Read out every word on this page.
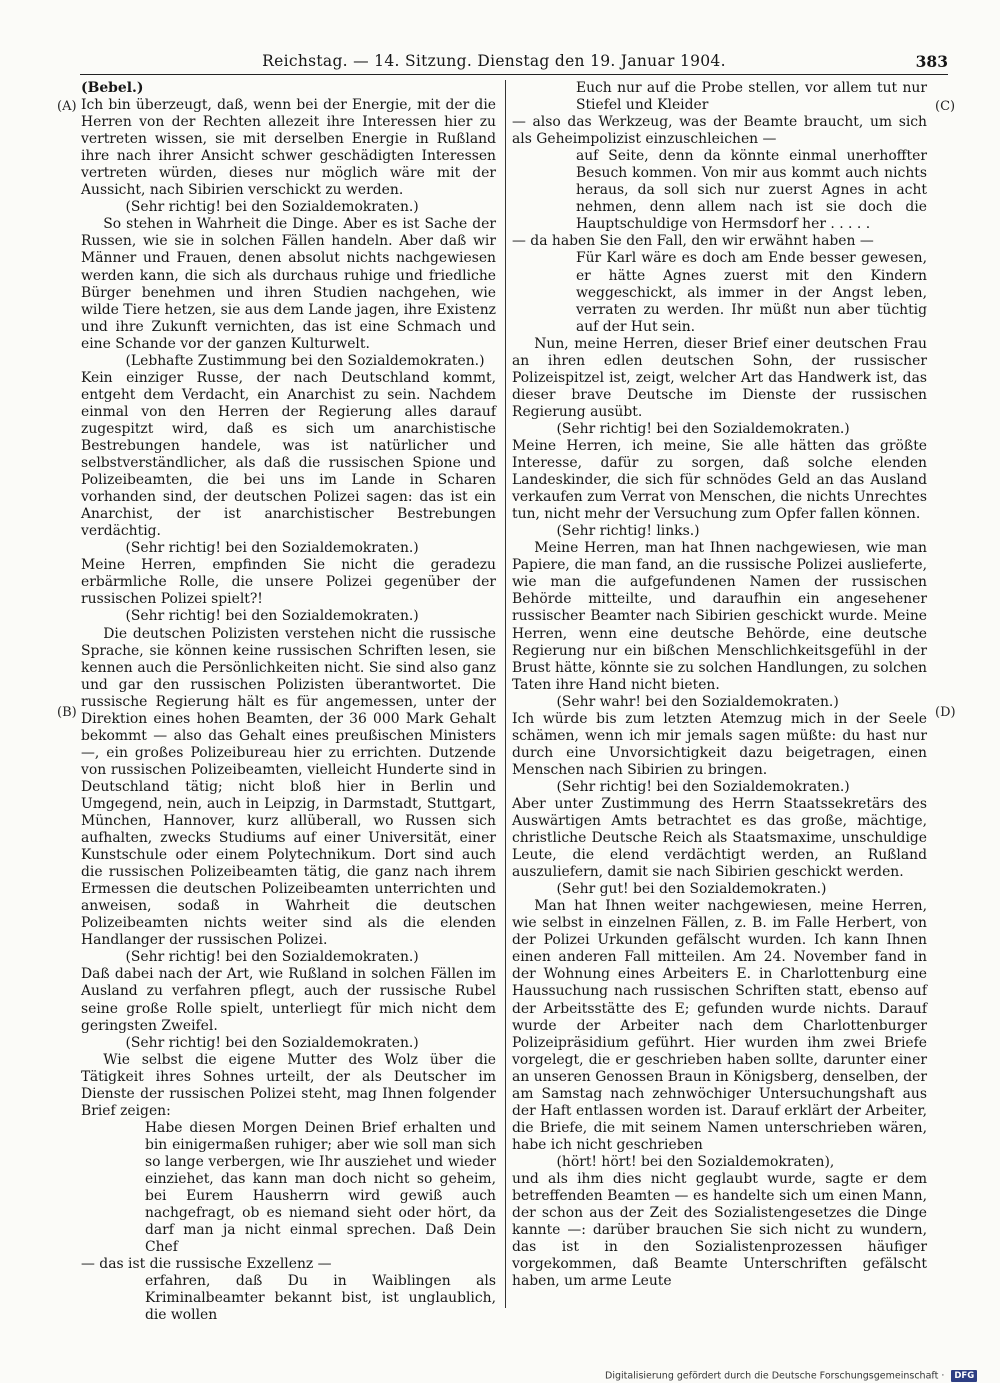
Reichstag. — 14. Sitzung. Dienstag den 19. Januar 1904.	383
(A)
(B)
(C)
(D)

(Bebel.)

Ich bin überzeugt, daß, wenn bei der Energie, mit der die Herren von der Rechten allezeit ihre Interessen hier zu vertreten wissen, sie mit derselben Energie in Rußland ihre nach ihrer Ansicht schwer geschädigten Interessen vertreten würden, dieses nur möglich wäre mit der Aussicht, nach Sibirien verschickt zu werden.

(Sehr richtig! bei den Sozialdemokraten.)

So stehen in Wahrheit die Dinge. Aber es ist Sache der Russen, wie sie in solchen Fällen handeln. Aber daß wir Männer und Frauen, denen absolut nichts nachgewiesen werden kann, die sich als durchaus ruhige und friedliche Bürger benehmen und ihren Studien nachgehen, wie wilde Tiere hetzen, sie aus dem Lande jagen, ihre Existenz und ihre Zukunft vernichten, das ist eine Schmach und eine Schande vor der ganzen Kulturwelt.

(Lebhafte Zustimmung bei den Sozialdemokraten.)

Kein einziger Russe, der nach Deutschland kommt, entgeht dem Verdacht, ein Anarchist zu sein. Nachdem einmal von den Herren der Regierung alles darauf zugespitzt wird, daß es sich um anarchistische Bestrebungen handele, was ist natürlicher und selbstverständlicher, als daß die russischen Spione und Polizeibeamten, die bei uns im Lande in Scharen vorhanden sind, der deutschen Polizei sagen: das ist ein Anarchist, der ist anarchistischer Bestrebungen verdächtig.

(Sehr richtig! bei den Sozialdemokraten.)

Meine Herren, empfinden Sie nicht die geradezu erbärmliche Rolle, die unsere Polizei gegenüber der russischen Polizei spielt?!

(Sehr richtig! bei den Sozialdemokraten.)

Die deutschen Polizisten verstehen nicht die russische Sprache, sie können keine russischen Schriften lesen, sie kennen auch die Persönlichkeiten nicht. Sie sind also ganz und gar den russischen Polizisten überantwortet. Die russische Regierung hält es für angemessen, unter der Direktion eines hohen Beamten, der 36 000 Mark Gehalt bekommt — also das Gehalt eines preußischen Ministers —, ein großes Polizeibureau hier zu errichten. Dutzende von russischen Polizeibeamten, vielleicht Hunderte sind in Deutschland tätig; nicht bloß hier in Berlin und Umgegend, nein, auch in Leipzig, in Darmstadt, Stuttgart, München, Hannover, kurz allüberall, wo Russen sich aufhalten, zwecks Studiums auf einer Universität, einer Kunstschule oder einem Polytechnikum. Dort sind auch die russischen Polizeibeamten tätig, die ganz nach ihrem Ermessen die deutschen Polizeibeamten unterrichten und anweisen, sodaß in Wahrheit die deutschen Polizeibeamten nichts weiter sind als die elenden Handlanger der russischen Polizei.

(Sehr richtig! bei den Sozialdemokraten.)

Daß dabei nach der Art, wie Rußland in solchen Fällen im Ausland zu verfahren pflegt, auch der russische Rubel seine große Rolle spielt, unterliegt für mich nicht dem geringsten Zweifel.

(Sehr richtig! bei den Sozialdemokraten.)

Wie selbst die eigene Mutter des Wolz über die Tätigkeit ihres Sohnes urteilt, der als Deutscher im Dienste der russischen Polizei steht, mag Ihnen folgender Brief zeigen:

Habe diesen Morgen Deinen Brief erhalten und bin einigermaßen ruhiger; aber wie soll man sich so lange verbergen, wie Ihr ausziehet und wieder einziehet, das kann man doch nicht so geheim, bei Eurem Hausherrn wird gewiß auch nachgefragt, ob es niemand sieht oder hört, da darf man ja nicht einmal sprechen. Daß Dein Chef

— das ist die russische Exzellenz —

erfahren, daß Du in Waiblingen als Kriminalbeamter bekannt bist, ist unglaublich, die wollen

Euch nur auf die Probe stellen, vor allem tut nur Stiefel und Kleider

— also das Werkzeug, was der Beamte braucht, um sich als Geheimpolizist einzuschleichen —

auf Seite, denn da könnte einmal unerhoffter Besuch kommen. Von mir aus kommt auch nichts heraus, da soll sich nur zuerst Agnes in acht nehmen, denn allem nach ist sie doch die Hauptschuldige von Hermsdorf her . . . . .

— da haben Sie den Fall, den wir erwähnt haben —

Für Karl wäre es doch am Ende besser gewesen, er hätte Agnes zuerst mit den Kindern weggeschickt, als immer in der Angst leben, verraten zu werden. Ihr müßt nun aber tüchtig auf der Hut sein.

Nun, meine Herren, dieser Brief einer deutschen Frau an ihren edlen deutschen Sohn, der russischer Polizeispitzel ist, zeigt, welcher Art das Handwerk ist, das dieser brave Deutsche im Dienste der russischen Regierung ausübt.

(Sehr richtig! bei den Sozialdemokraten.)

Meine Herren, ich meine, Sie alle hätten das größte Interesse, dafür zu sorgen, daß solche elenden Landeskinder, die sich für schnödes Geld an das Ausland verkaufen zum Verrat von Menschen, die nichts Unrechtes tun, nicht mehr der Versuchung zum Opfer fallen können.

(Sehr richtig! links.)

Meine Herren, man hat Ihnen nachgewiesen, wie man Papiere, die man fand, an die russische Polizei auslieferte, wie man die aufgefundenen Namen der russischen Behörde mitteilte, und daraufhin ein angesehener russischer Beamter nach Sibirien geschickt wurde. Meine Herren, wenn eine deutsche Behörde, eine deutsche Regierung nur ein bißchen Menschlichkeitsgefühl in der Brust hätte, könnte sie zu solchen Handlungen, zu solchen Taten ihre Hand nicht bieten.

(Sehr wahr! bei den Sozialdemokraten.)

Ich würde bis zum letzten Atemzug mich in der Seele schämen, wenn ich mir jemals sagen müßte: du hast nur durch eine Unvorsichtigkeit dazu beigetragen, einen Menschen nach Sibirien zu bringen.

(Sehr richtig! bei den Sozialdemokraten.)

Aber unter Zustimmung des Herrn Staatssekretärs des Auswärtigen Amts betrachtet es das große, mächtige, christliche Deutsche Reich als Staatsmaxime, unschuldige Leute, die elend verdächtigt werden, an Rußland auszuliefern, damit sie nach Sibirien geschickt werden.

(Sehr gut! bei den Sozialdemokraten.)

Man hat Ihnen weiter nachgewiesen, meine Herren, wie selbst in einzelnen Fällen, z. B. im Falle Herbert, von der Polizei Urkunden gefälscht wurden. Ich kann Ihnen einen anderen Fall mitteilen. Am 24. November fand in der Wohnung eines Arbeiters E. in Charlottenburg eine Haussuchung nach russischen Schriften statt, ebenso auf der Arbeitsstätte des E; gefunden wurde nichts. Darauf wurde der Arbeiter nach dem Charlottenburger Polizeipräsidium geführt. Hier wurden ihm zwei Briefe vorgelegt, die er geschrieben haben sollte, darunter einer an unseren Genossen Braun in Königsberg, denselben, der am Samstag nach zehnwöchiger Untersuchungshaft aus der Haft entlassen worden ist. Darauf erklärt der Arbeiter, die Briefe, die mit seinem Namen unterschrieben wären, habe ich nicht geschrieben

(hört! hört! bei den Sozialdemokraten),

und als ihm dies nicht geglaubt wurde, sagte er dem betreffenden Beamten — es handelte sich um einen Mann, der schon aus der Zeit des Sozialistengesetzes die Dinge kannte —: darüber brauchen Sie sich nicht zu wundern, das ist in den Sozialistenprozessen häufiger vorgekommen, daß Beamte Unterschriften gefälscht haben, um arme Leute

Digitalisierung gefördert durch die Deutsche Forschungsgemeinschaft · DFG
